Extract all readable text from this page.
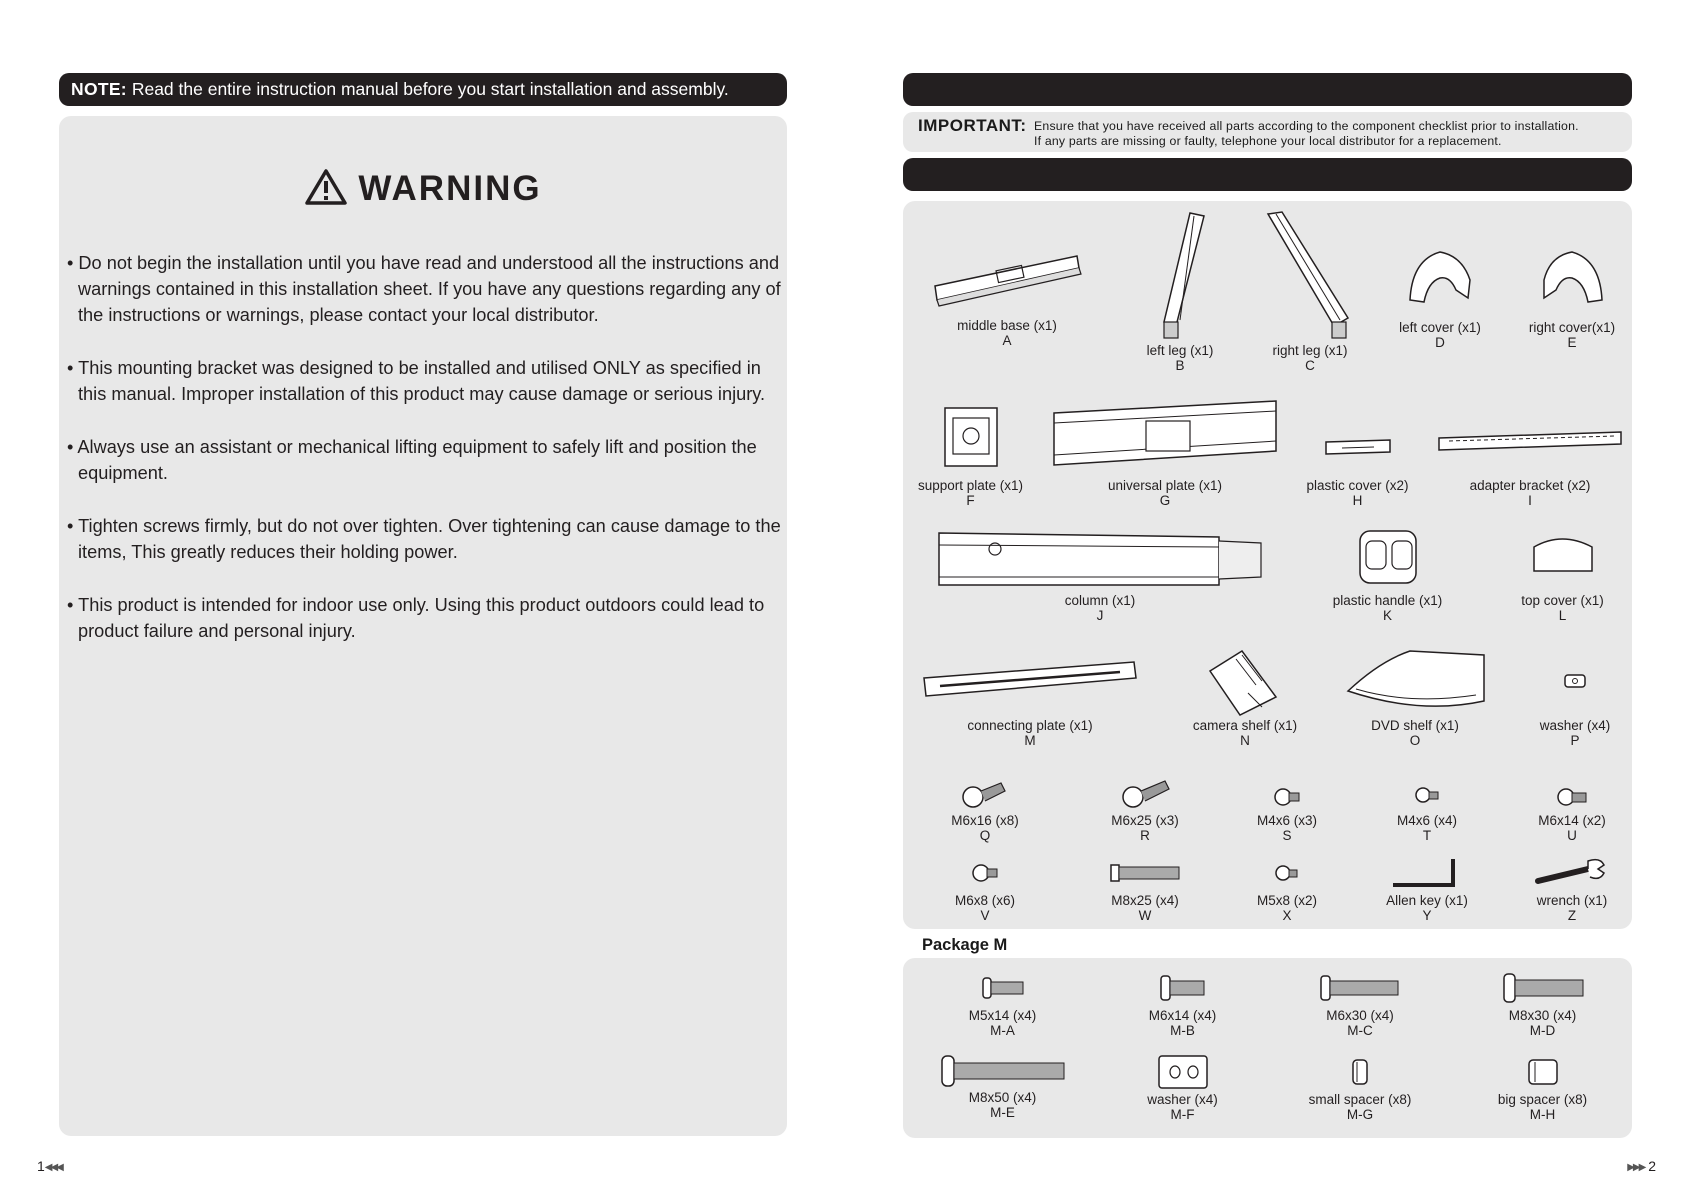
NOTE: Read the entire instruction manual before you start installation and assembly.
WARNING
• Do not begin the installation until you have read and understood all the instructions and warnings contained in this installation sheet. If you have any questions regarding any of the instructions or warnings, please contact your local distributor.
• This mounting bracket was designed to be installed and utilised ONLY as specified in this manual. Improper installation of this product may cause damage or serious injury.
• Always use an assistant or mechanical lifting equipment to safely lift and position the equipment.
• Tighten screws firmly, but do not over tighten. Over tightening can cause damage to the items, This greatly reduces their holding power.
• This product is intended for indoor use only. Using this product outdoors could lead to product failure and personal injury.
1◀◀◀
IMPORTANT: Ensure that you have received all parts according to the component checklist prior to installation.
If any parts are missing or faulty, telephone your local distributor for a replacement.
middle base (x1)
A
left leg (x1)
B
right leg (x1)
C
left cover (x1)
D
right cover(x1)
E
support plate (x1)
F
universal plate (x1)
G
plastic cover (x2)
H
adapter bracket (x2)
I
column (x1)
J
plastic handle (x1)
K
top cover (x1)
L
connecting plate (x1)
M
camera shelf (x1)
N
DVD shelf (x1)
O
washer (x4)
P
M6x16 (x8)
Q
M6x25 (x3)
R
M4x6 (x3)
S
M4x6 (x4)
T
M6x14 (x2)
U
M6x8 (x6)
V
M8x25 (x4)
W
M5x8 (x2)
X
Allen key (x1)
Y
wrench (x1)
Z
Package M
M5x14 (x4)
M-A
M6x14 (x4)
M-B
M6x30 (x4)
M-C
M8x30 (x4)
M-D
M8x50 (x4)
M-E
washer (x4)
M-F
small spacer (x8)
M-G
big spacer (x8)
M-H
▶▶▶ 2
